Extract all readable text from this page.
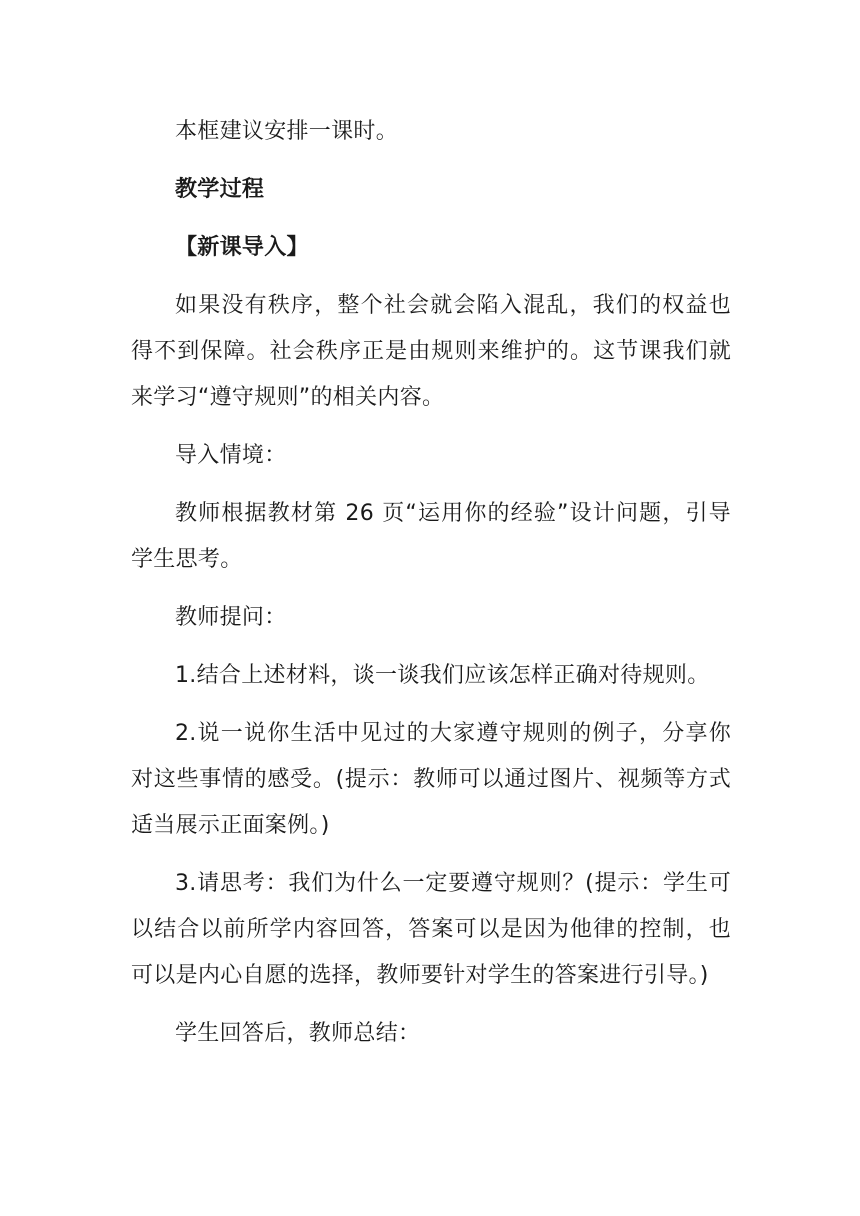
本框建议安排一课时。

教学过程

【新课导入】

如果没有秩序，整个社会就会陷入混乱，我们的权益也得不到保障。社会秩序正是由规则来维护的。这节课我们就来学习“遵守规则”的相关内容。

导入情境：

教师根据教材第 26 页“运用你的经验”设计问题，引导学生思考。

教师提问：

1.结合上述材料，谈一谈我们应该怎样正确对待规则。

2.说一说你生活中见过的大家遵守规则的例子，分享你对这些事情的感受。(提示：教师可以通过图片、视频等方式适当展示正面案例。)

3.请思考：我们为什么一定要遵守规则？(提示：学生可以结合以前所学内容回答，答案可以是因为他律的控制，也可以是内心自愿的选择，教师要针对学生的答案进行引导。)

学生回答后，教师总结：
